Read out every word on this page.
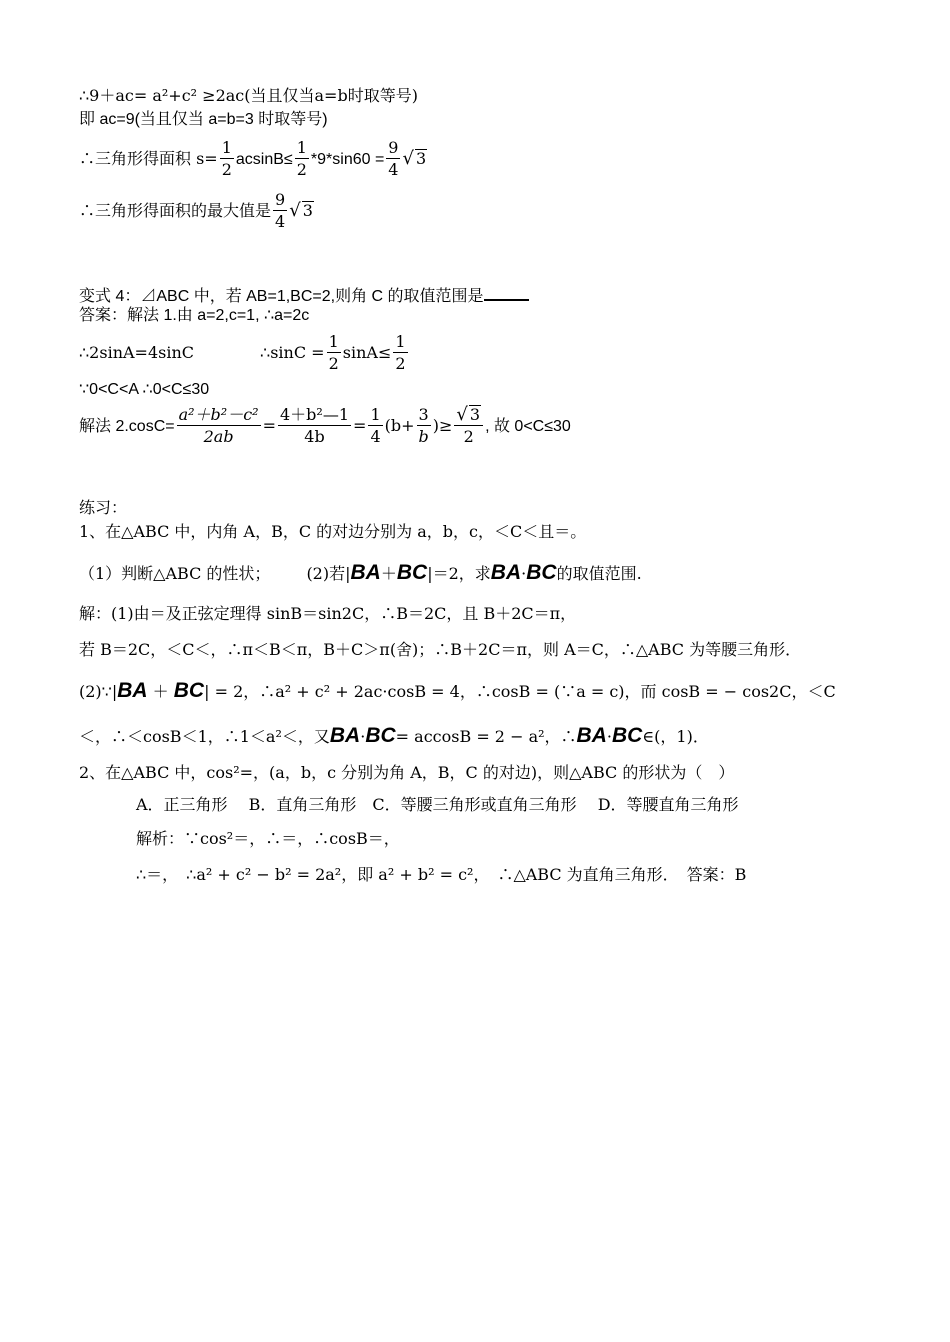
∴9＋ac= a²+c² ≥2ac(当且仅当a=b时取等号)
即 ac=9(当且仅当 a=b=3 时取等号)
∴三角形得面积 $s= \frac{1}{2} acsinB\le \frac{1}{2} *9*\sin 60 = \frac{9}{4}$ √ 3
∴三角形得面积的最大值是 $\frac{9}{4}$ √ 3
变式 4：⊿ABC 中，若 AB=1,BC=2,则角 C 的取值范围是
答案：解法 1.由 a=2,c=1, ∴a=2c
∴2sinA=4sinC	∴sinC = $\frac{1}{2} \sin A\le \frac{1}{2}$
∵0<C<A ∴0<C≤30
解法 $2.\cos C= \frac{\text{a²＋b²－c²}}{2ab} = \frac{\text{4＋b²—1}}{4b} = \frac{1}{4} (b+ \frac{3}{b}$ )≥ $\frac{√ 3}{2}$ , 故 0<C≤30
练习：
1、在△ABC 中，内角 A，B，C 的对边分别为 a，b，c，＜C＜且＝。
（1）判断△ABC 的性状； (2)若|BA＋BC|＝2，求BA·BC的取值范围.
解：(1)由＝及正弦定理得 sinB＝sin2C，∴B＝2C，且 B＋2C＝π，
若 B＝2C，＜C＜，∴π＜B＜π，B＋C＞π(舍)；∴B＋2C＝π，则 A＝C，∴△ABC 为等腰三角形．
(2)∵|BA ＋ BC| = 2，∴a² + c² + 2ac·cosB = 4，∴cosB = (∵a = c)，而 cosB = − cos2C，＜C
＜，∴＜cosB＜1，∴1＜a²＜，又BA·BC= accosB = 2 − a²，∴BA·BC∈(，1)．
2、在△ABC 中，cos²=，(a，b，c 分别为角 A，B，C 的对边)，则△ABC 的形状为（　）
A．正三角形　 B．直角三角形　C．等腰三角形或直角三角形　 D．等腰直角三角形
解析：∵cos²＝，∴＝，∴cosB＝，
∴＝，　∴a² + c² − b² = 2a²，即 a² + b² = c²，　∴△ABC 为直角三角形．　答案：B
